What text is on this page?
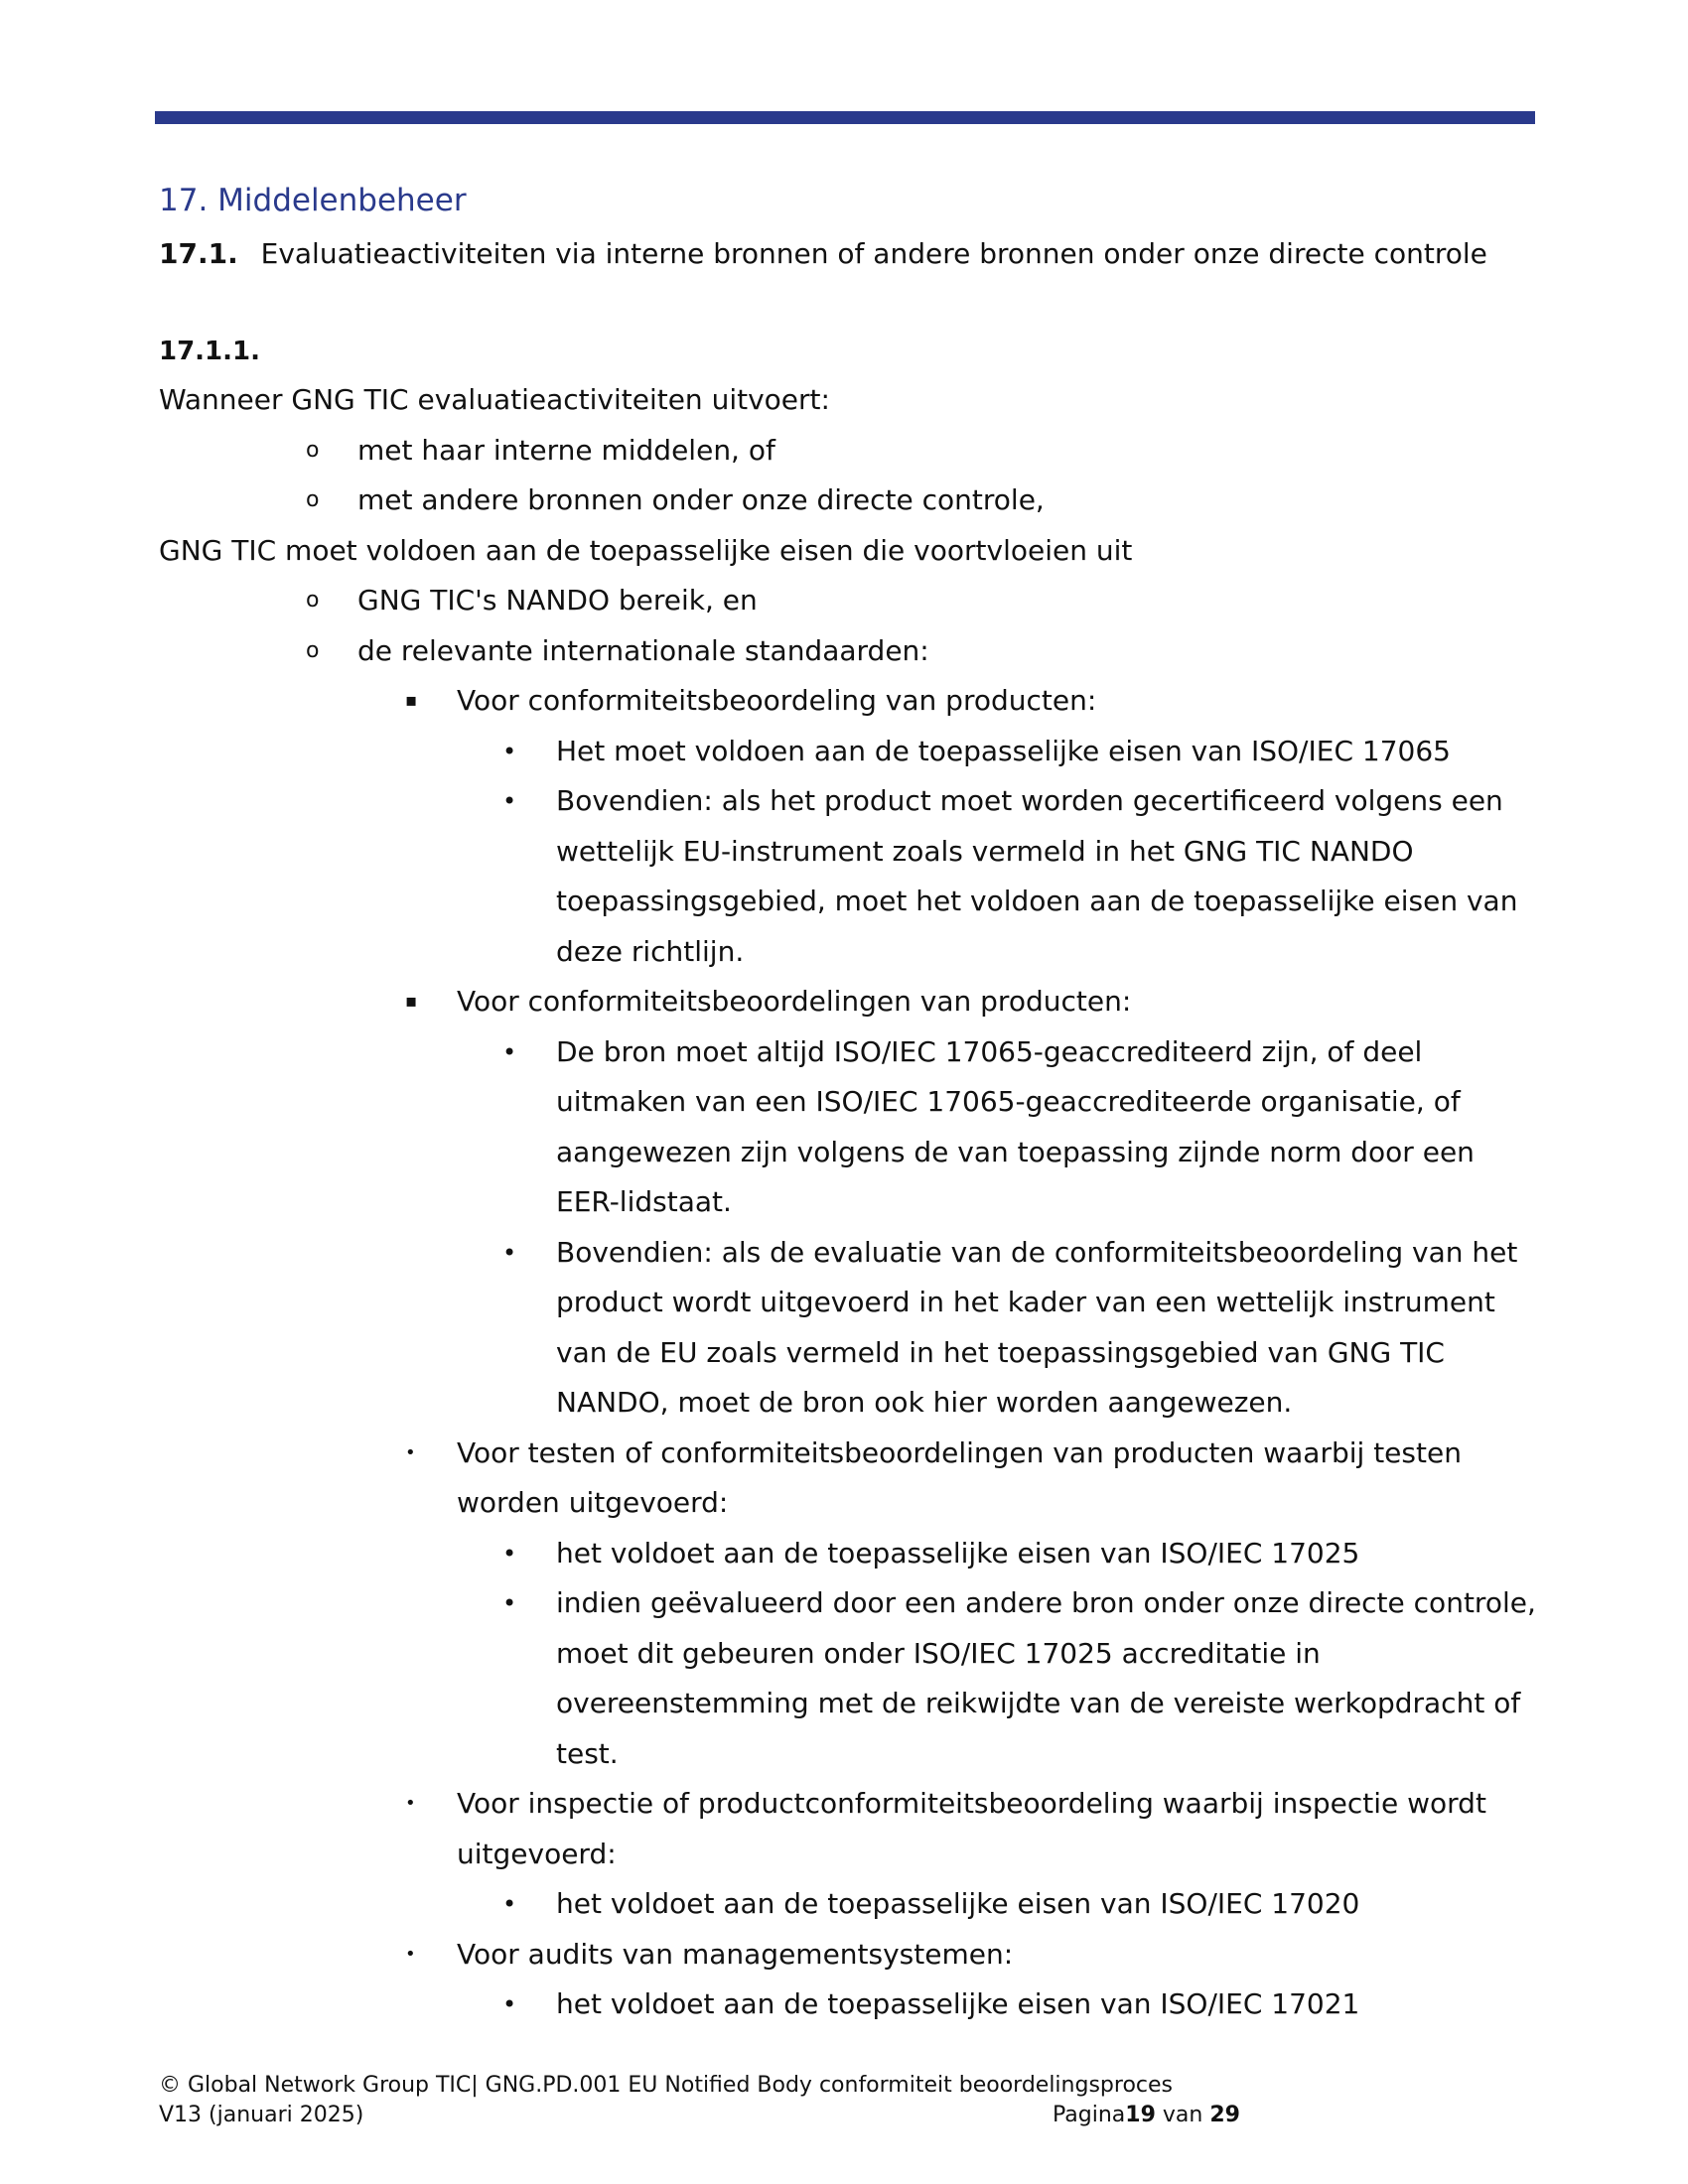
17. Middelenbeheer
17.1. Evaluatieactiviteiten via interne bronnen of andere bronnen onder onze directe controle
17.1.1.

Wanneer GNG TIC evaluatieactiviteiten uitvoert:

o met haar interne middelen, of
o met andere bronnen onder onze directe controle,

GNG TIC moet voldoen aan de toepasselijke eisen die voortvloeien uit

o GNG TIC's NANDO bereik, en
o de relevante internationale standaarden:
▪ Voor conformiteitsbeoordeling van producten:
• Het moet voldoen aan de toepasselijke eisen van ISO/IEC 17065
• Bovendien: als het product moet worden gecertificeerd volgens een wettelijk EU-instrument zoals vermeld in het GNG TIC NANDO toepassingsgebied, moet het voldoen aan de toepasselijke eisen van deze richtlijn.
▪ Voor conformiteitsbeoordelingen van producten:
• De bron moet altijd ISO/IEC 17065-geaccrediteerd zijn, of deel uitmaken van een ISO/IEC 17065-geaccrediteerde organisatie, of aangewezen zijn volgens de van toepassing zijnde norm door een EER-lidstaat.
• Bovendien: als de evaluatie van de conformiteitsbeoordeling van het product wordt uitgevoerd in het kader van een wettelijk instrument van de EU zoals vermeld in het toepassingsgebied van GNG TIC NANDO, moet de bron ook hier worden aangewezen.
• Voor testen of conformiteitsbeoordelingen van producten waarbij testen worden uitgevoerd:
• het voldoet aan de toepasselijke eisen van ISO/IEC 17025
• indien geëvalueerd door een andere bron onder onze directe controle, moet dit gebeuren onder ISO/IEC 17025 accreditatie in overeenstemming met de reikwijdte van de vereiste werkopdracht of test.
• Voor inspectie of productconformiteitsbeoordeling waarbij inspectie wordt uitgevoerd:
• het voldoet aan de toepasselijke eisen van ISO/IEC 17020
• Voor audits van managementsystemen:
• het voldoet aan de toepasselijke eisen van ISO/IEC 17021
© Global Network Group TIC| GNG.PD.001 EU Notified Body conformiteit beoordelingsproces
V13 (januari 2025)	Pagina19 van 29
